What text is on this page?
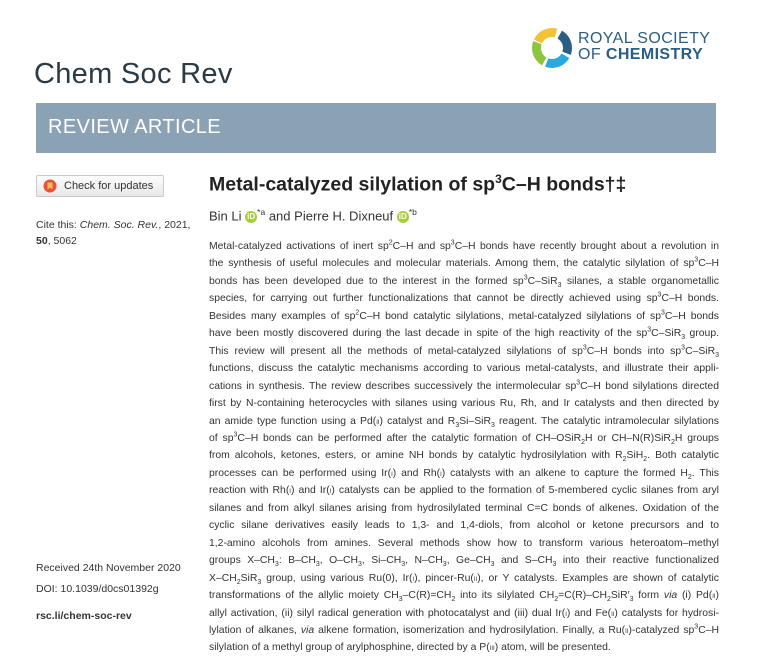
Chem Soc Rev
ROYAL SOCIETY
OF CHEMISTRY
REVIEW ARTICLE
Check for updates
Cite this: Chem. Soc. Rev., 2021,
50, 5062
Received 24th November 2020
DOI: 10.1039/d0cs01392g
rsc.li/chem-soc-rev
Metal-catalyzed silylation of $sp^3C-H$ bonds†‡
Bin Li iD $^{*a}$ and Pierre H. Dixneuf iD $^{*b}$
Metal-catalyzed activations of inert $sp^2C-H$ and $sp^3C-H$ bonds have recently brought about a revolution in
the synthesis of useful molecules and molecular materials. Among them, the catalytic silylation of $sp^3C-H$
bonds has been developed due to the interest in the formed $sp^3C-SiR_3$ silanes, a stable organometallic
species, for carrying out further functionalizations that cannot be directly achieved using $sp^3C-H$ bonds.
Besides many examples of $sp^2C-H$ bond catalytic silylations, metal-catalyzed silylations of $sp^3C-H$ bonds
have been mostly discovered during the last decade in spite of the high reactivity of the $sp^3C-SiR_3$ group.
This review will present all the methods of metal-catalyzed silylations of $sp^3C-H$ bonds into $sp^3C-SiR_3$
functions, discuss the catalytic mechanisms according to various metal-catalysts, and illustrate their appli-
cations in synthesis. The review describes successively the intermolecular $sp^3C-H$ bond silylations directed
first by N-containing heterocycles with silanes using various Ru, Rh, and Ir catalysts and then directed by
an amide type function using a Pd(ii) catalyst and $R_3Si-SiR_3$ reagent. The catalytic intramolecular silylations
of $sp^3C-H$ bonds can be performed after the catalytic formation of CH–OSiR$_2$H or CH–N(R)SiR$_2$H groups
from alcohols, ketones, esters, or amine NH bonds by catalytic hydrosilylation with $R_2SiH_2$. Both catalytic
processes can be performed using Ir(i) and Rh(i) catalysts with an alkene to capture the formed $H_2$. This
reaction with Rh(i) and Ir(i) catalysts can be applied to the formation of 5-membered cyclic silanes from aryl
silanes and from alkyl silanes arising from hydrosilylated terminal C=C bonds of alkenes. Oxidation of the
cyclic silane derivatives easily leads to 1,3- and 1,4-diols, from alcohol or ketone precursors and to
1,2-amino alcohols from amines. Several methods show how to transform various heteroatom–methyl
groups $X-CH_3$: $B-CH_3$, $O-CH_3$, $Si-CH_3$, $N-CH_3$, $Ge-CH_3$ and $S-CH_3$ into their reactive functionalized
$X-CH_2SiR_3$ group, using various Ru(0), Ir(i), pincer-Ru(ii), or Y catalysts. Examples are shown of catalytic
transformations of the allylic moiety $CH_3-C(R)=CH_2$ into its silylated $CH_2=C(R)-CH_2SiR'_3$ form via (i) Pd(ii)
allyl activation, (ii) silyl radical generation with photocatalyst and (iii) dual Ir(i) and Fe(ii) catalysts for hydrosi-
lylation of alkanes, via alkene formation, isomerization and hydrosilylation. Finally, a Ru(ii)-catalyzed $sp^3C-H$
silylation of a methyl group of arylphosphine, directed by a P(iii) atom, will be presented.
